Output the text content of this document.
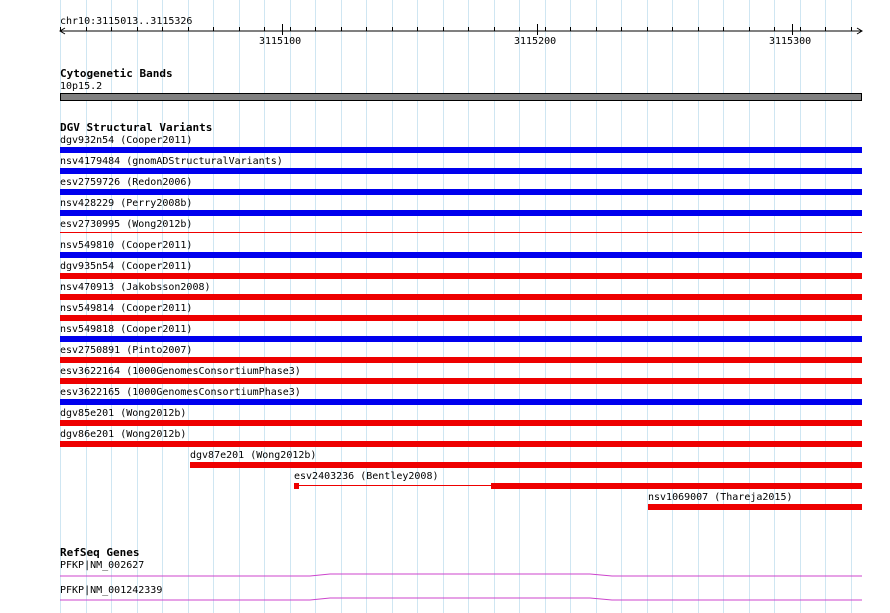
chr10:3115013..3115326
3115100	3115200	3115300
Cytogenetic Bands
10p15.2
DGV Structural Variants
dgv932n54 (Cooper2011)
nsv4179484 (gnomADStructuralVariants)
esv2759726 (Redon2006)
nsv428229 (Perry2008b)
esv2730995 (Wong2012b)
nsv549810 (Cooper2011)
dgv935n54 (Cooper2011)
nsv470913 (Jakobsson2008)
nsv549814 (Cooper2011)
nsv549818 (Cooper2011)
esv2750891 (Pinto2007)
esv3622164 (1000GenomesConsortiumPhase3)
esv3622165 (1000GenomesConsortiumPhase3)
dgv85e201 (Wong2012b)
dgv86e201 (Wong2012b)
dgv87e201 (Wong2012b)
esv2403236 (Bentley2008)
nsv1069007 (Thareja2015)
RefSeq Genes
PFKP|NM_002627
PFKP|NM_001242339
